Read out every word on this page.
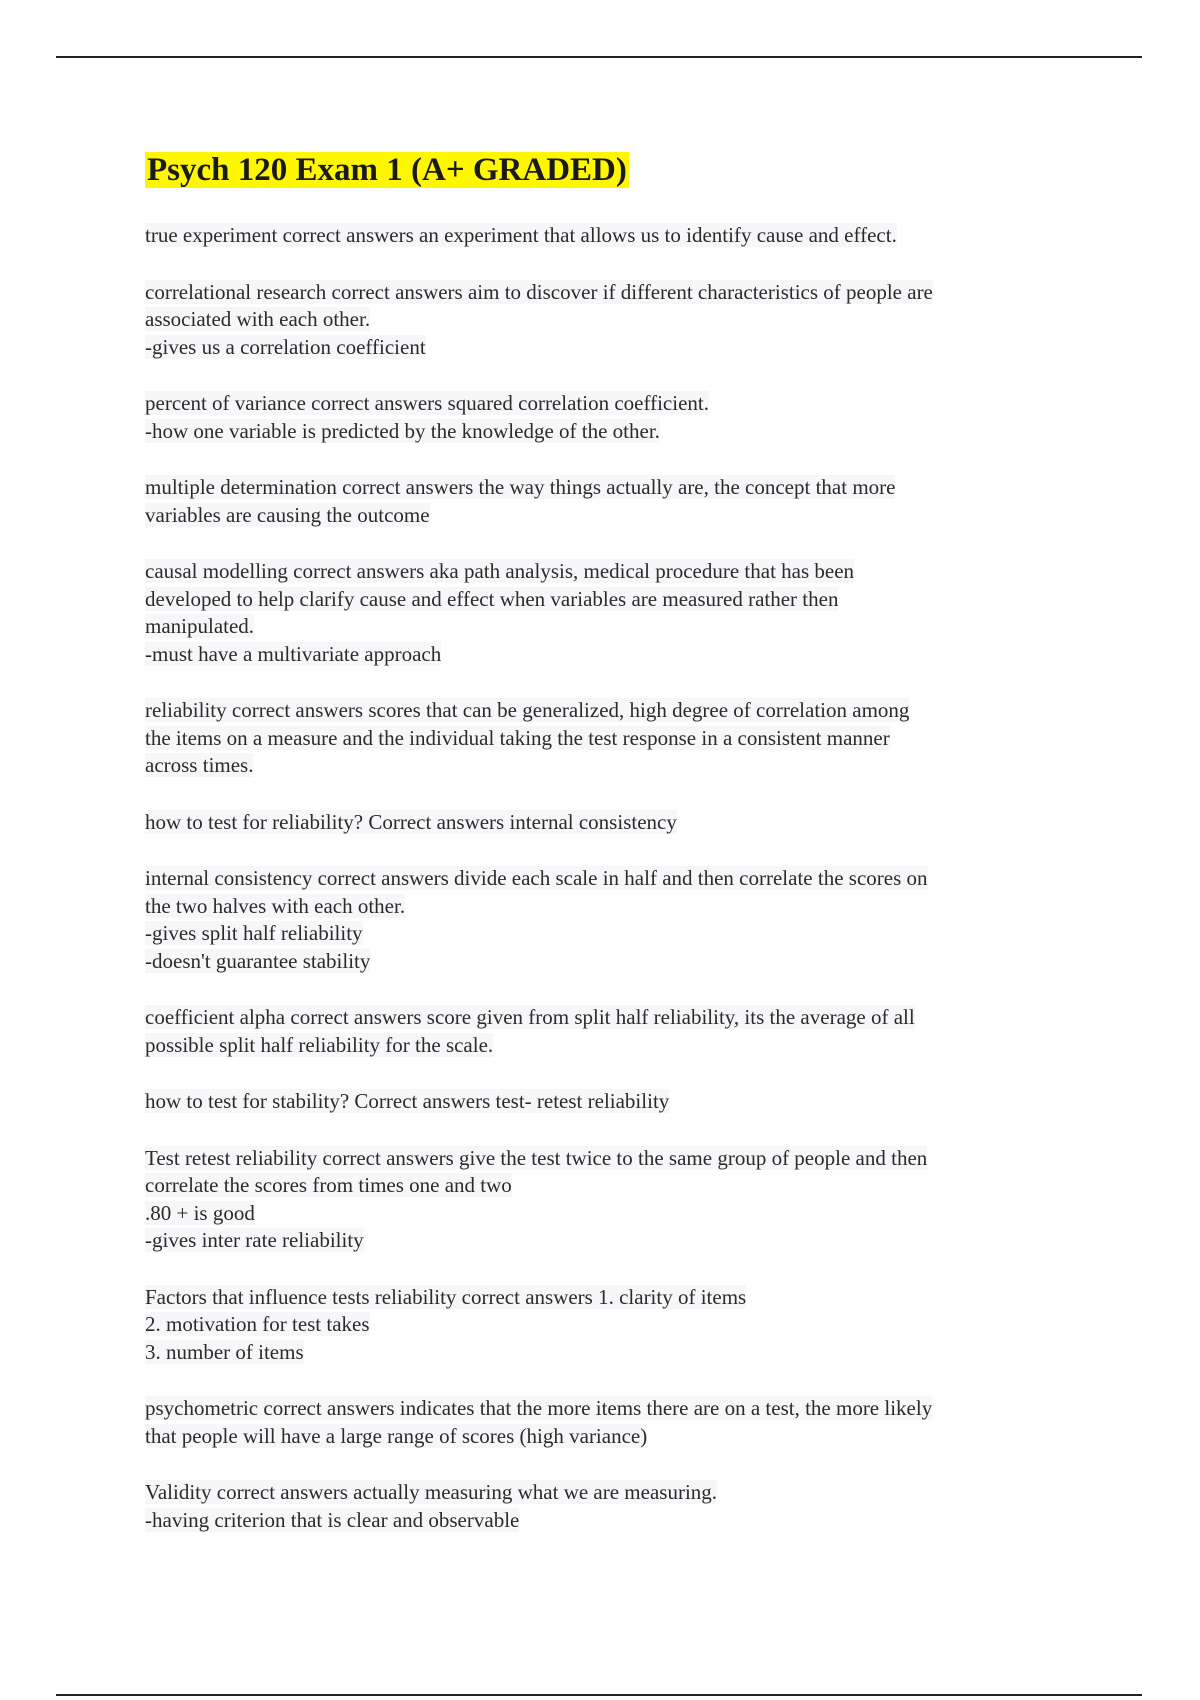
Psych 120 Exam 1 (A+ GRADED)

true experiment correct answers an experiment that allows us to identify cause and effect.

correlational research correct answers aim to discover if different characteristics of people are
associated with each other.
-gives us a correlation coefficient

percent of variance correct answers squared correlation coefficient.
-how one variable is predicted by the knowledge of the other.

multiple determination correct answers the way things actually are, the concept that more
variables are causing the outcome

causal modelling correct answers aka path analysis, medical procedure that has been
developed to help clarify cause and effect when variables are measured rather then
manipulated.
-must have a multivariate approach

reliability correct answers scores that can be generalized, high degree of correlation among
the items on a measure and the individual taking the test response in a consistent manner
across times.

how to test for reliability? Correct answers internal consistency

internal consistency correct answers divide each scale in half and then correlate the scores on
the two halves with each other.
-gives split half reliability
-doesn't guarantee stability

coefficient alpha correct answers score given from split half reliability, its the average of all
possible split half reliability for the scale.

how to test for stability? Correct answers test- retest reliability

Test retest reliability correct answers give the test twice to the same group of people and then
correlate the scores from times one and two
.80 + is good
-gives inter rate reliability

Factors that influence tests reliability correct answers 1. clarity of items
2. motivation for test takes
3. number of items

psychometric correct answers indicates that the more items there are on a test, the more likely
that people will have a large range of scores (high variance)

Validity correct answers actually measuring what we are measuring.
-having criterion that is clear and observable
